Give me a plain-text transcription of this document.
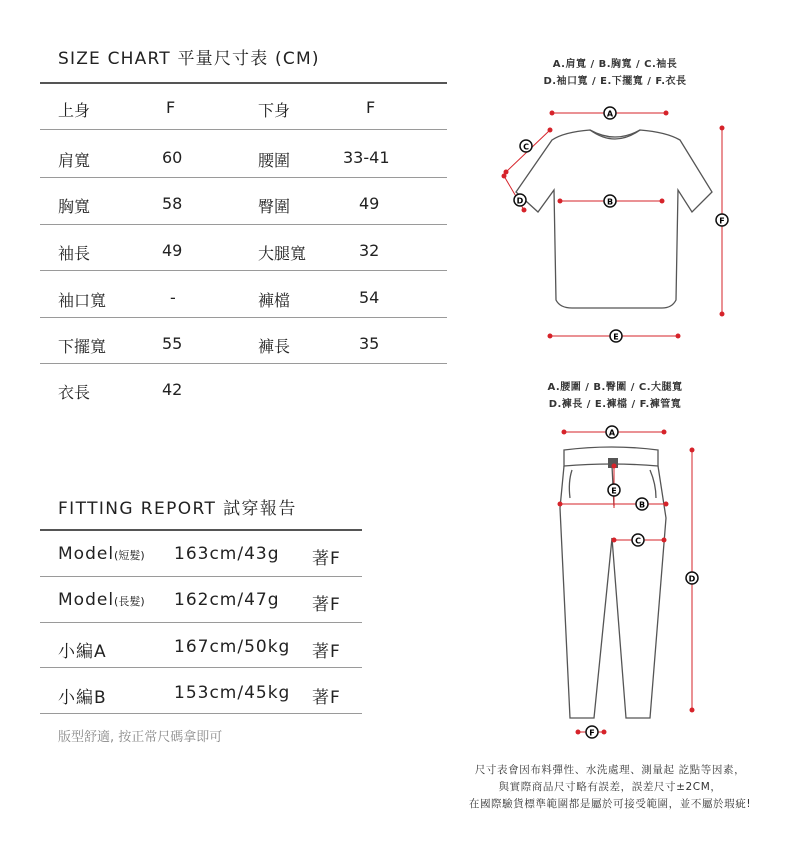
SIZE CHART 平量尺寸表 (CM)
上身	F	下身	F
肩寬	60	腰圍	33-41
胸寬	58	臀圍	49
袖長	49	大腿寬	32
袖口寬	-	褲檔	54
下擺寬	55	褲長	35
衣長	42
FITTING REPORT 試穿報告
Model(短髮) 163cm/43g 著F
Model(長髮) 162cm/47g 著F
小編A	167cm/50kg 著F
小編B	153cm/45kg 著F
版型舒適, 按正常尺碼拿即可
A.肩寬 / B.胸寬 / C.袖長
D.袖口寬 / E.下擺寬 / F.衣長
A
C
D	B
E
F
A.腰圍 / B.臀圍 / C.大腿寬
D.褲長 / E.褲檔 / F.褲管寬
A
E
B
C
D
F
尺寸表會因布料彈性、水洗處理、測量起 訖點等因素，
與實際商品尺寸略有誤差，誤差尺寸±2CM，
在國際驗貨標準範圍都是屬於可接受範圍，並不屬於瑕疵!
